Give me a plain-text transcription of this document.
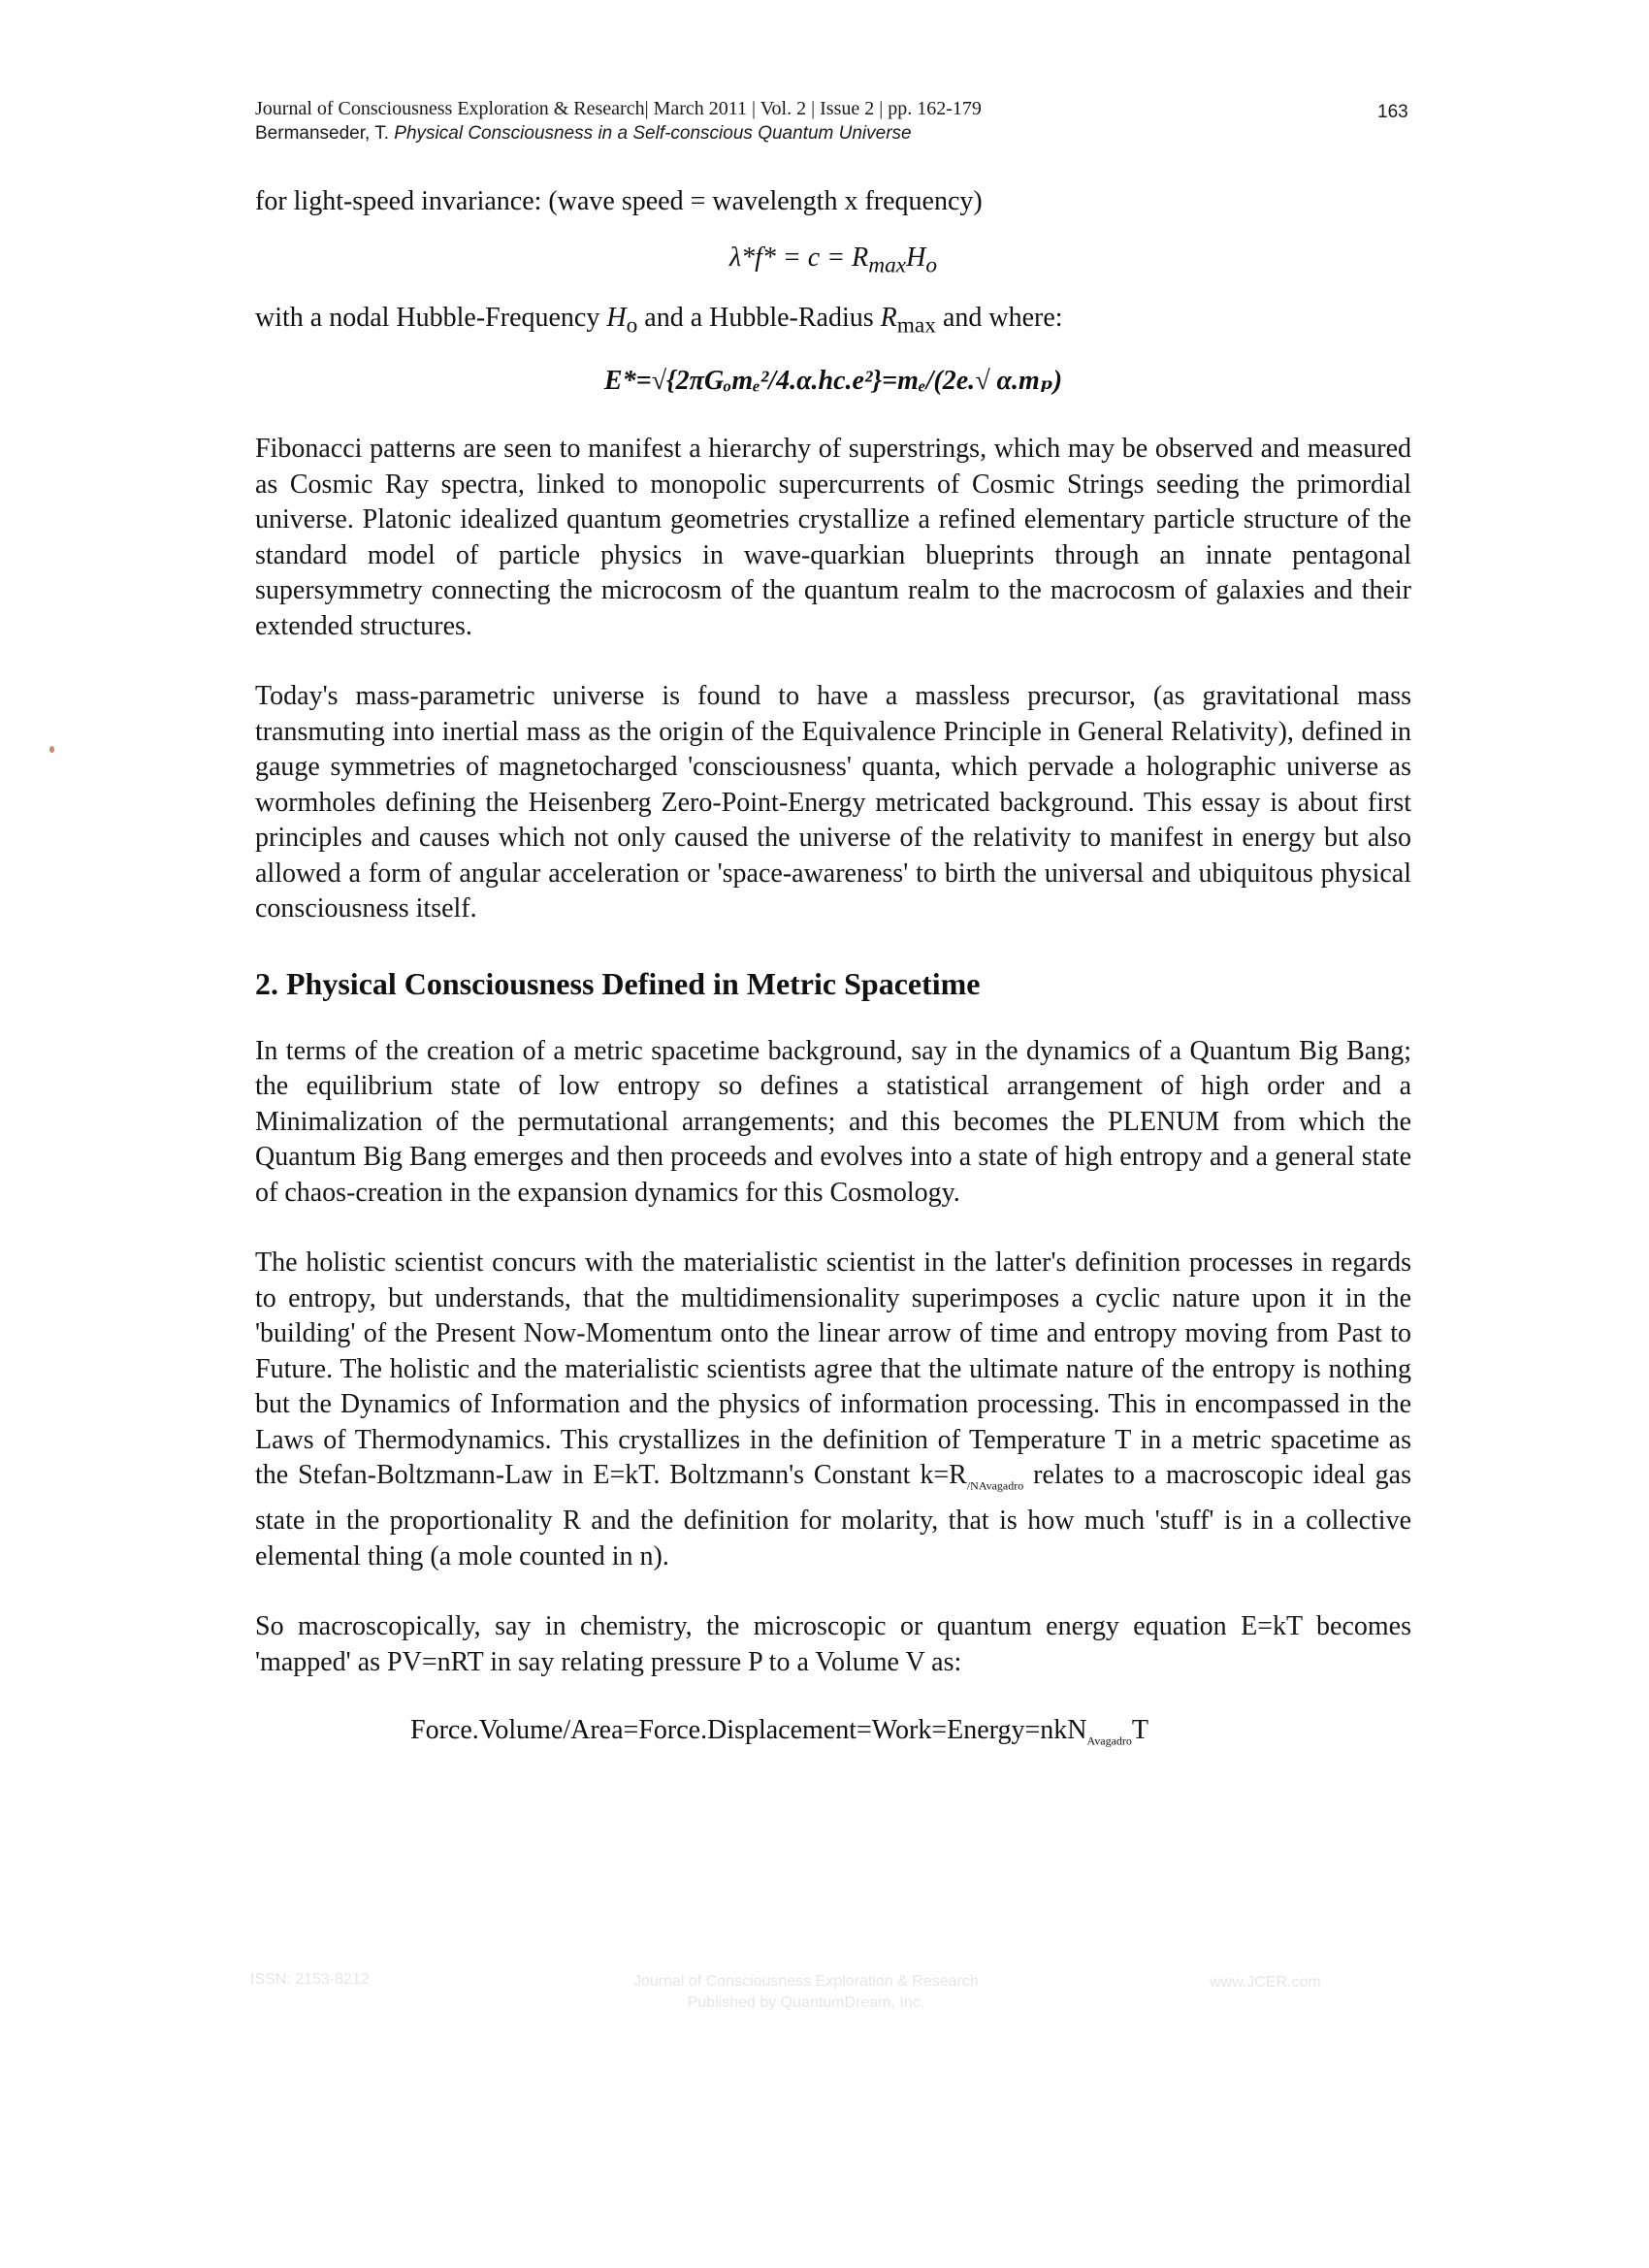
Journal of Consciousness Exploration & Research| March 2011 | Vol. 2 | Issue 2 | pp. 162-179
Bermanseder, T. Physical Consciousness in a Self-conscious Quantum Universe
163

for light-speed invariance: (wave speed = wavelength x frequency)

$\lambda*f* = c = R_{max}H_o$

with a nodal Hubble-Frequency $H_o$ and a Hubble-Radius $R_{max}$ and where:

E*=√{2πGₒmₑ²/4.α.hc.e²}=mₑ/(2e.√ α.mₚ)

Fibonacci patterns are seen to manifest a hierarchy of superstrings, which may be observed and measured as Cosmic Ray spectra, linked to monopolic supercurrents of Cosmic Strings seeding the primordial universe. Platonic idealized quantum geometries crystallize a refined elementary particle structure of the standard model of particle physics in wave-quarkian blueprints through an innate pentagonal supersymmetry connecting the microcosm of the quantum realm to the macrocosm of galaxies and their extended structures.

Today's mass-parametric universe is found to have a massless precursor, (as gravitational mass transmuting into inertial mass as the origin of the Equivalence Principle in General Relativity), defined in gauge symmetries of magnetocharged 'consciousness' quanta, which pervade a holographic universe as wormholes defining the Heisenberg Zero-Point-Energy metricated background. This essay is about first principles and causes which not only caused the universe of the relativity to manifest in energy but also allowed a form of angular acceleration or 'space-awareness' to birth the universal and ubiquitous physical consciousness itself.

2. Physical Consciousness Defined in Metric Spacetime

In terms of the creation of a metric spacetime background, say in the dynamics of a Quantum Big Bang; the equilibrium state of low entropy so defines a statistical arrangement of high order and a Minimalization of the permutational arrangements; and this becomes the PLENUM from which the Quantum Big Bang emerges and then proceeds and evolves into a state of high entropy and a general state of chaos-creation in the expansion dynamics for this Cosmology.

The holistic scientist concurs with the materialistic scientist in the latter's definition processes in regards to entropy, but understands, that the multidimensionality superimposes a cyclic nature upon it in the 'building' of the Present Now-Momentum onto the linear arrow of time and entropy moving from Past to Future. The holistic and the materialistic scientists agree that the ultimate nature of the entropy is nothing but the Dynamics of Information and the physics of information processing. This in encompassed in the Laws of Thermodynamics. This crystallizes in the definition of Temperature T in a metric spacetime as the Stefan-Boltzmann-Law in E=kT. Boltzmann's Constant $k=R_{/NAvagadro}$ relates to a macroscopic ideal gas state in the proportionality R and the definition for molarity, that is how much 'stuff' is in a collective elemental thing (a mole counted in n).

So macroscopically, say in chemistry, the microscopic or quantum energy equation E=kT becomes 'mapped' as PV=nRT in say relating pressure P to a Volume V as:

Force.Volume/Area=Force.Displacement=Work=Energy=nkN$_{Avagadro}$T

ISSN: 2153-8212	Journal of Consciousness Exploration & Research
Published by QuantumDream, Inc.
www.JCER.com
